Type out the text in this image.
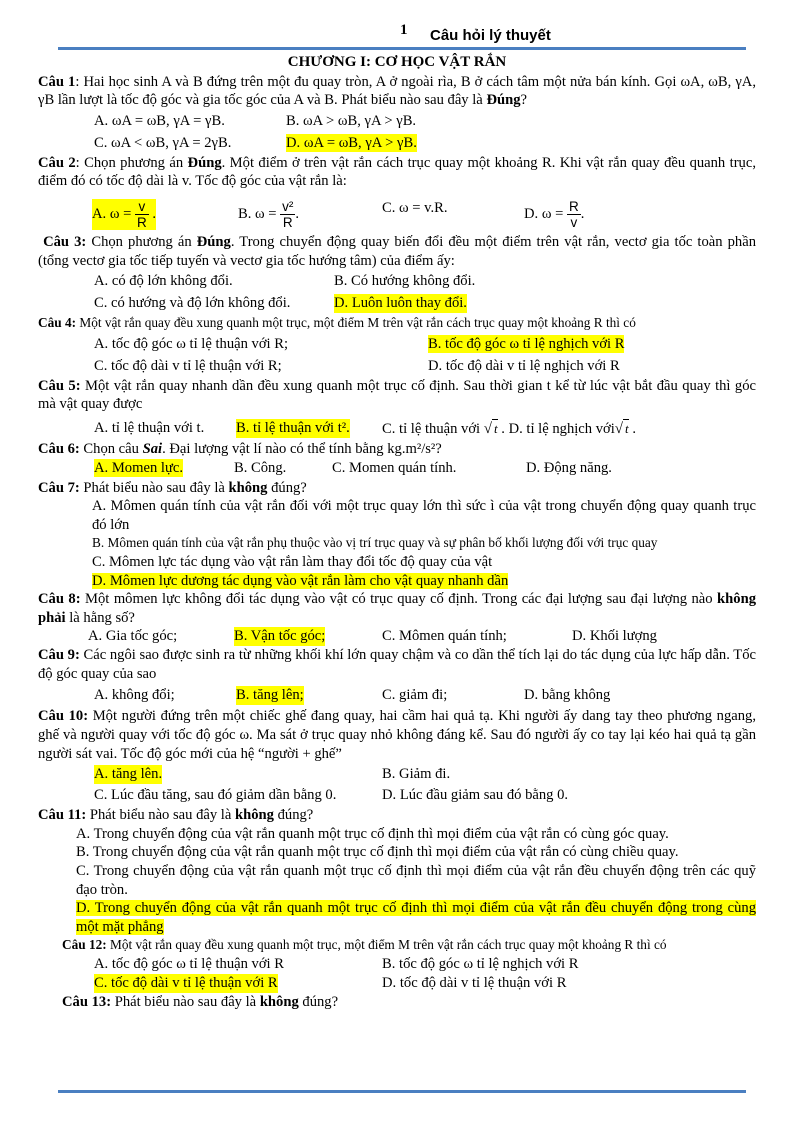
1 Câu hỏi lý thuyết
CHƯƠNG I: CƠ HỌC VẬT RẮN

Câu 1: Hai học sinh A và B đứng trên một đu quay tròn, A ở ngoài rìa, B ở cách tâm một nửa bán kính. Gọi ωA, ωB, γA, γB lần lượt là tốc độ góc và gia tốc góc của A và B. Phát biểu nào sau đây là Đúng?

A. ωA = ωB, γA = γB.	B. ωA > ωB, γA > γB.
C. ωA < ωB, γA = 2γB.	D. ωA = ωB, γA > γB.

Câu 2: Chọn phương án Đúng. Một điểm ở trên vật rắn cách trục quay một khoảng R. Khi vật rắn quay đều quanh trục, điểm đó có tốc độ dài là v. Tốc độ góc của vật rắn là:

A. $\omega = \frac{v}{R}$ .	B. $\omega = \frac{\text{v²}}{R}$ .	C. ω = v.R.	D. $\omega = \frac{R}{v}$ .

Câu 3: Chọn phương án Đúng. Trong chuyển động quay biến đổi đều một điểm trên vật rắn, vectơ gia tốc toàn phần (tổng vectơ gia tốc tiếp tuyến và vectơ gia tốc hướng tâm) của điểm ấy:

A. có độ lớn không đổi.	B. Có hướng không đổi.
C. có hướng và độ lớn không đổi.	D. Luôn luôn thay đổi.

Câu 4: Một vật rắn quay đều xung quanh một trục, một điểm M trên vật rắn cách trục quay một khoảng R thì có

A. tốc độ góc ω tỉ lệ thuận với R;	B. tốc độ góc ω tỉ lệ nghịch với R
C. tốc độ dài v tỉ lệ thuận với R;	D. tốc độ dài v tỉ lệ nghịch với R

Câu 5: Một vật rắn quay nhanh dần đều xung quanh một trục cố định. Sau thời gian t kể từ lúc vật bắt đầu quay thì góc mà vật quay được

A. tỉ lệ thuận với t. B. tỉ lệ thuận với t². C. tỉ lệ thuận với √ t . D. tỉ lệ nghịch với√ t .

Câu 6: Chọn câu Sai. Đại lượng vật lí nào có thể tính bằng kg.m²/s²?

A. Momen lực.	B. Công.	C. Momen quán tính.	D. Động năng.

Câu 7: Phát biểu nào sau đây là không đúng?

A. Mômen quán tính của vật rắn đối với một trục quay lớn thì sức ì của vật trong chuyển động quay quanh trục đó lớn

B. Mômen quán tính của vật rắn phụ thuộc vào vị trí trục quay và sự phân bố khối lượng đối với trục quay

C. Mômen lực tác dụng vào vật rắn làm thay đổi tốc độ quay của vật

D. Mômen lực dương tác dụng vào vật rắn làm cho vật quay nhanh dần

Câu 8: Một mômen lực không đổi tác dụng vào vật có trục quay cố định. Trong các đại lượng sau đại lượng nào không phải là hằng số?

A. Gia tốc góc;	B. Vận tốc góc;	C. Mômen quán tính;	D. Khối lượng

Câu 9: Các ngôi sao được sinh ra từ những khối khí lớn quay chậm và co dần thể tích lại do tác dụng của lực hấp dẫn. Tốc độ góc quay của sao

A. không đổi;	B. tăng lên;	C. giảm đi;	D. bằng không

Câu 10: Một người đứng trên một chiếc ghế đang quay, hai cầm hai quả tạ. Khi người ấy dang tay theo phương ngang, ghế và người quay với tốc độ góc ω. Ma sát ở trục quay nhỏ không đáng kể. Sau đó người ấy co tay lại kéo hai quả tạ gần người sát vai. Tốc độ góc mới của hệ “người + ghế”

A. tăng lên.	B. Giảm đi.
C. Lúc đầu tăng, sau đó giảm dần bằng 0.	D. Lúc đầu giảm sau đó bằng 0.

Câu 11: Phát biểu nào sau đây là không đúng?

A. Trong chuyển động của vật rắn quanh một trục cố định thì mọi điểm của vật rắn có cùng góc quay.

B. Trong chuyển động của vật rắn quanh một trục cố định thì mọi điểm của vật rắn có cùng chiều quay.

C. Trong chuyển động của vật rắn quanh một trục cố định thì mọi điểm của vật rắn đều chuyển động trên các quỹ đạo tròn.

D. Trong chuyển động của vật rắn quanh một trục cố định thì mọi điểm của vật rắn đều chuyển động trong cùng một mặt phẳng

Câu 12: Một vật rắn quay đều xung quanh một trục, một điểm M trên vật rắn cách trục quay một khoảng R thì có

A. tốc độ góc ω tỉ lệ thuận với R	B. tốc độ góc ω tỉ lệ nghịch với R
C. tốc độ dài v tỉ lệ thuận với R	D. tốc độ dài v tỉ lệ thuận với R

Câu 13: Phát biểu nào sau đây là không đúng?
